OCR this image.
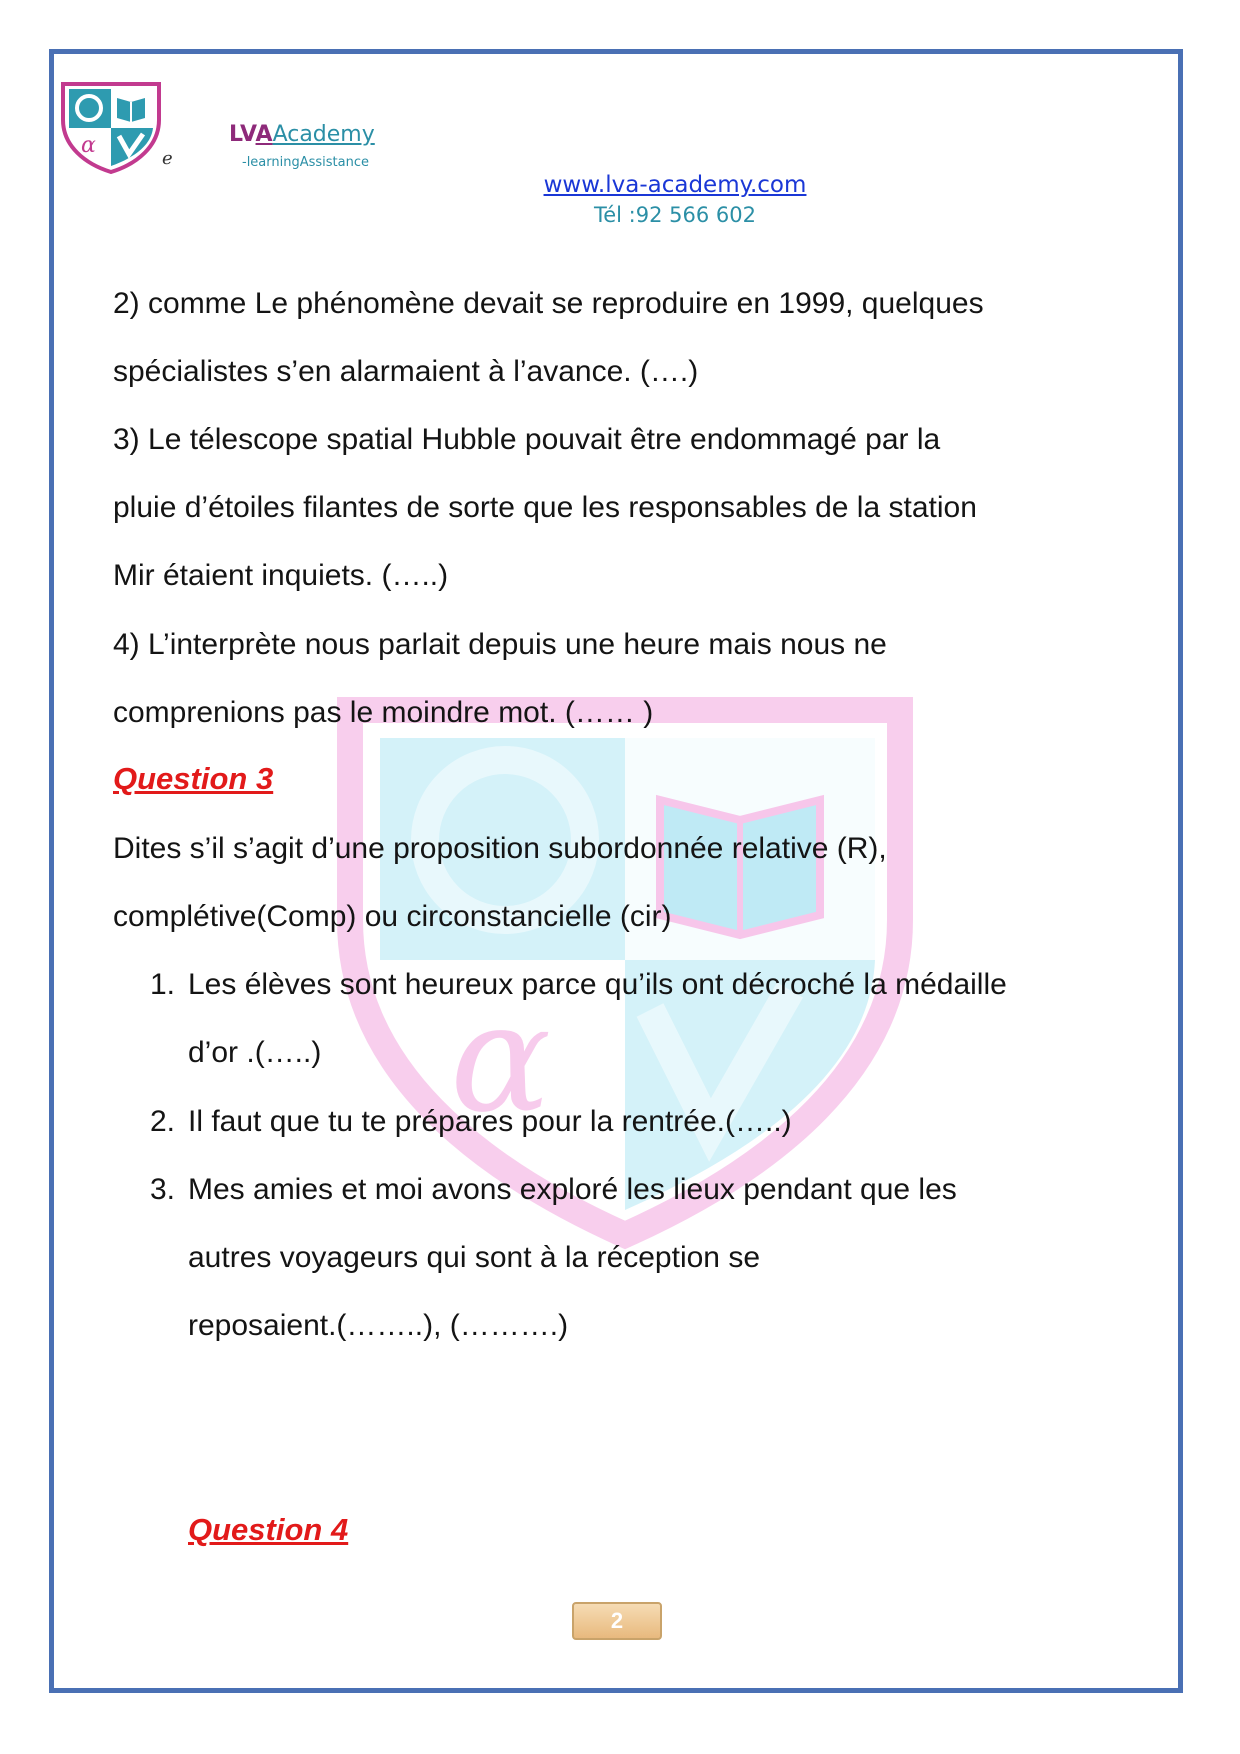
α
e
LVAAcademy
-learningAssistance
www.lva-academy.com
Tél :92 566 602
α
2) comme Le phénomène devait se reproduire en 1999, quelques
spécialistes s’en alarmaient à l’avance. (….)
3) Le télescope spatial Hubble pouvait être endommagé par la
pluie d’étoiles filantes de sorte que les responsables de la station
Mir étaient inquiets. (…..)
4) L’interprète nous parlait depuis une heure mais nous ne
comprenions pas le moindre mot. (…… )
Question 3
Dites s’il s’agit d’une proposition subordonnée relative (R),
complétive(Comp) ou circonstancielle (cir)
1. Les élèves sont heureux parce qu’ils ont décroché la médaille
d’or .(…..)
2. Il faut que tu te prépares pour la rentrée.(…..)
3. Mes amies et moi avons exploré les lieux pendant que les
autres voyageurs qui sont à la réception se
reposaient.(……..), (……….)
Question 4
2
